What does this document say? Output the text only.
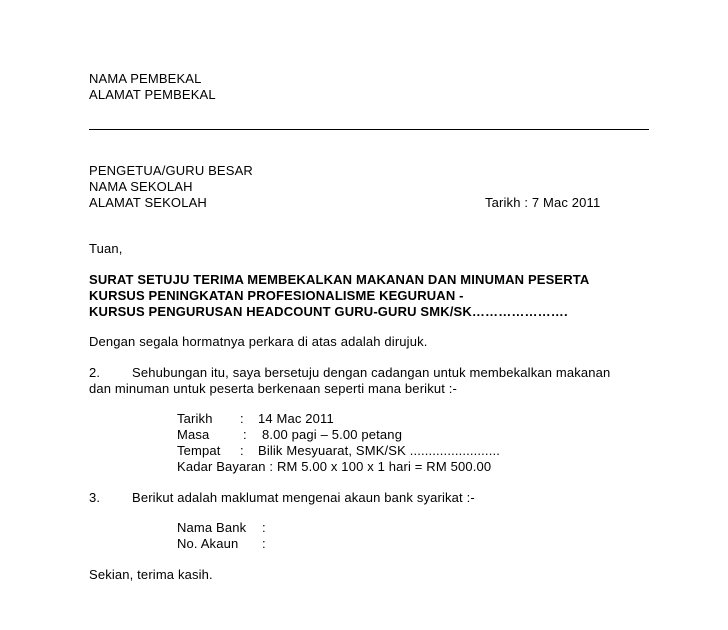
NAMA PEMBEKAL
ALAMAT PEMBEKAL
PENGETUA/GURU BESAR
NAMA SEKOLAH
ALAMAT SEKOLAH	Tarikh : 7 Mac 2011
Tuan,
SURAT SETUJU TERIMA MEMBEKALKAN MAKANAN DAN MINUMAN PESERTA
KURSUS PENINGKATAN PROFESIONALISME KEGURUAN -
KURSUS PENGURUSAN HEADCOUNT GURU-GURU SMK/SK………………….
Dengan segala hormatnya perkara di atas adalah dirujuk.
2. Sehubungan itu, saya bersetuju dengan cadangan untuk membekalkan makanan
dan minuman untuk peserta berkenaan seperti mana berikut :-
Tarikh : 14 Mac 2011
Masa	: 8.00 pagi – 5.00 petang
Tempat : Bilik Mesyuarat, SMK/SK ........................
Kadar Bayaran : RM 5.00 x 100 x 1 hari = RM 500.00
3. Berikut adalah maklumat mengenai akaun bank syarikat :-
Nama Bank :
No. Akaun :
Sekian, terima kasih.
